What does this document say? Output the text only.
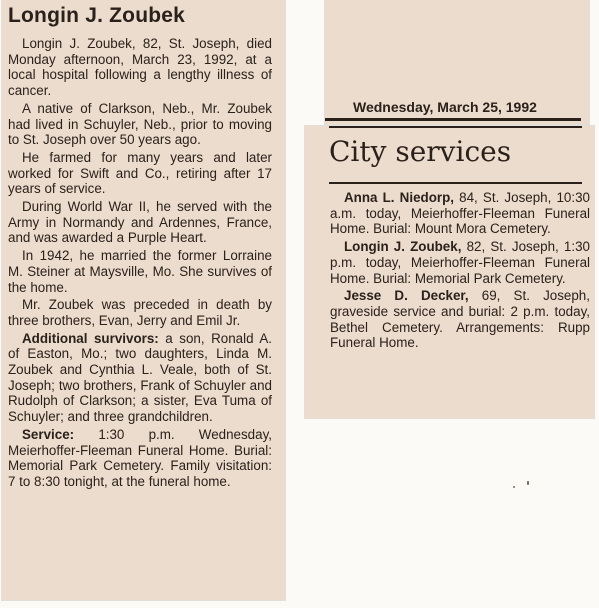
Longin J. Zoubek

Longin J. Zoubek, 82, St. Joseph, died Monday afternoon, March 23, 1992, at a local hospital following a lengthy illness of cancer.

A native of Clarkson, Neb., Mr. Zoubek had lived in Schuyler, Neb., prior to moving to St. Joseph over 50 years ago.

He farmed for many years and later worked for Swift and Co., retiring after 17 years of service.

During World War II, he served with the Army in Normandy and Ardennes, France, and was awarded a Purple Heart.

In 1942, he married the former Lorraine M. Steiner at Maysville, Mo. She survives of the home.

Mr. Zoubek was preceded in death by three brothers, Evan, Jerry and Emil Jr.

Additional survivors: a son, Ronald A. of Easton, Mo.; two daughters, Linda M. Zoubek and Cynthia L. Veale, both of St. Joseph; two brothers, Frank of Schuyler and Rudolph of Clarkson; a sister, Eva Tuma of Schuyler; and three grandchildren.

Service: 1:30 p.m. Wednesday, Meierhoffer-Fleeman Funeral Home. Burial: Memorial Park Cemetery. Family visitation: 7 to 8:30 tonight, at the funeral home.

Wednesday, March 25, 1992
City services

Anna L. Niedorp, 84, St. Joseph, 10:30 a.m. today, Meierhoffer-Fleeman Funeral Home. Burial: Mount Mora Cemetery.

Longin J. Zoubek, 82, St. Joseph, 1:30 p.m. today, Meierhoffer-Fleeman Funeral Home. Burial: Memorial Park Cemetery.

Jesse D. Decker, 69, St. Joseph, graveside service and burial: 2 p.m. today, Bethel Cemetery. Arrangements: Rupp Funeral Home.
